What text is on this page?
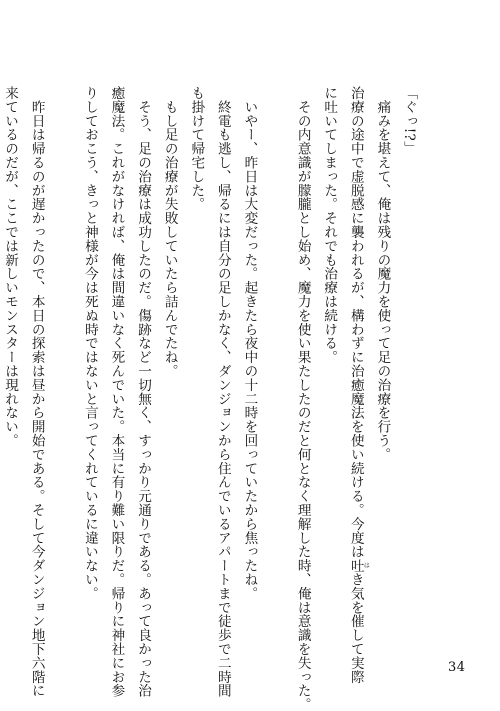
「ぐっ!?」
　痛みを堪えて、俺は残りの魔力を使って足の治療を行う。
治療の途中で虚脱感に襲われるが、構わずに治癒魔法を使い続ける。今度は吐はき気を催して実際
に吐いてしまった。それでも治療は続ける。
　その内意識が朦朧とし始め、魔力を使い果たしたのだと何となく理解した時、俺は意識を失った。
　いやー、昨日は大変だった。起きたら夜中の十二時を回っていたから焦ったね。
　終電も逃し、帰るには自分の足しかなく、ダンジョンから住んでいるアパートまで徒歩で二時間
も掛けて帰宅した。
　もし足の治療が失敗していたら詰んでたね。
　そう、足の治療は成功したのだ。傷跡など一切無く、すっかり元通りである。あって良かった治
癒魔法。これがなければ、俺は間違いなく死んでいた。本当に有り難い限りだ。帰りに神社にお参
りしておこう、きっと神様が今は死ぬ時ではないと言ってくれているに違いない。
　昨日は帰るのが遅かったので、本日の探索は昼から開始である。そして今ダンジョン地下六階に
来ているのだが、ここでは新しいモンスターは現れない。
34
